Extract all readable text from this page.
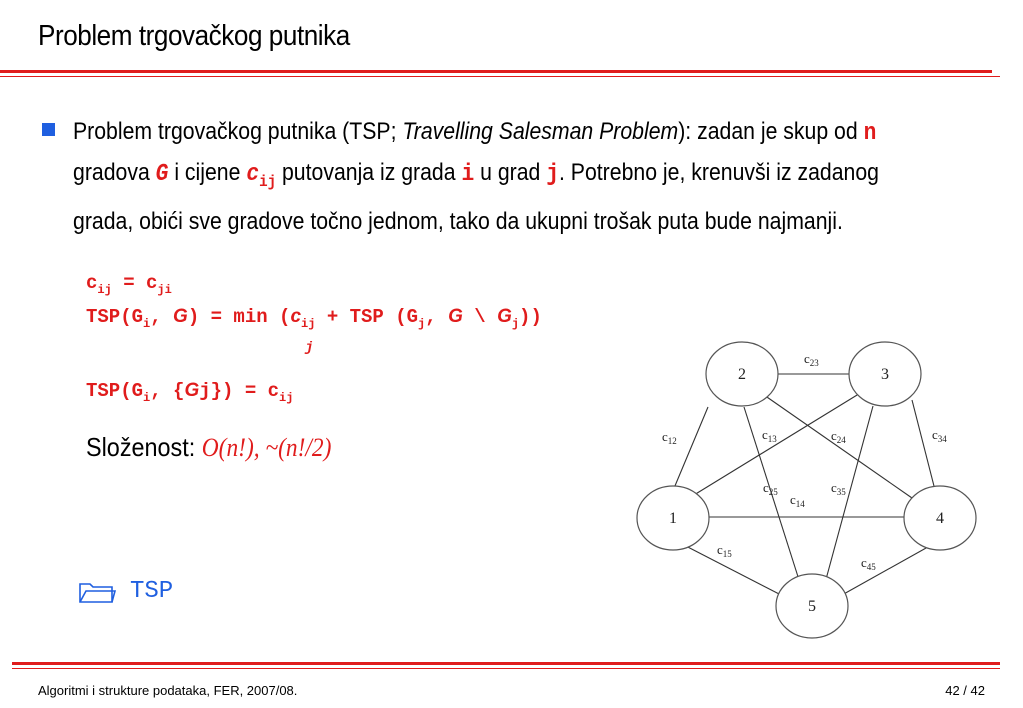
Problem trgovačkog putnika
Problem trgovačkog putnika (TSP; Travelling Salesman Problem): zadan je skup od n gradova G i cijene $c_{ij}$ putovanja iz grada i u grad j. Potrebno je, krenuvši iz zadanog grada, obići sve gradove točno jednom, tako da ukupni trošak puta bude najmanji.
$c_{ij} = c_{ji}$
$TSP(G_i$, $G) = \min (c_{ij}$ + TSP ($G_j$, G \ $G_j$))
j
$TSP(G_i$, $\{Gj\}) = c_{ij}$
Složenost: O(n!), ~(n!/2)
TSP
2	3
1	4
5
$c_{12}$
$c_{23}$
$c_{34}$
$c_{45}$
$c_{15}$
$c_{13}$	$c_{24}$
$c_{25}$ $c_{14}$
$c_{35}$
Algoritmi i strukture podataka, FER, 2007/08.	42 / 42
